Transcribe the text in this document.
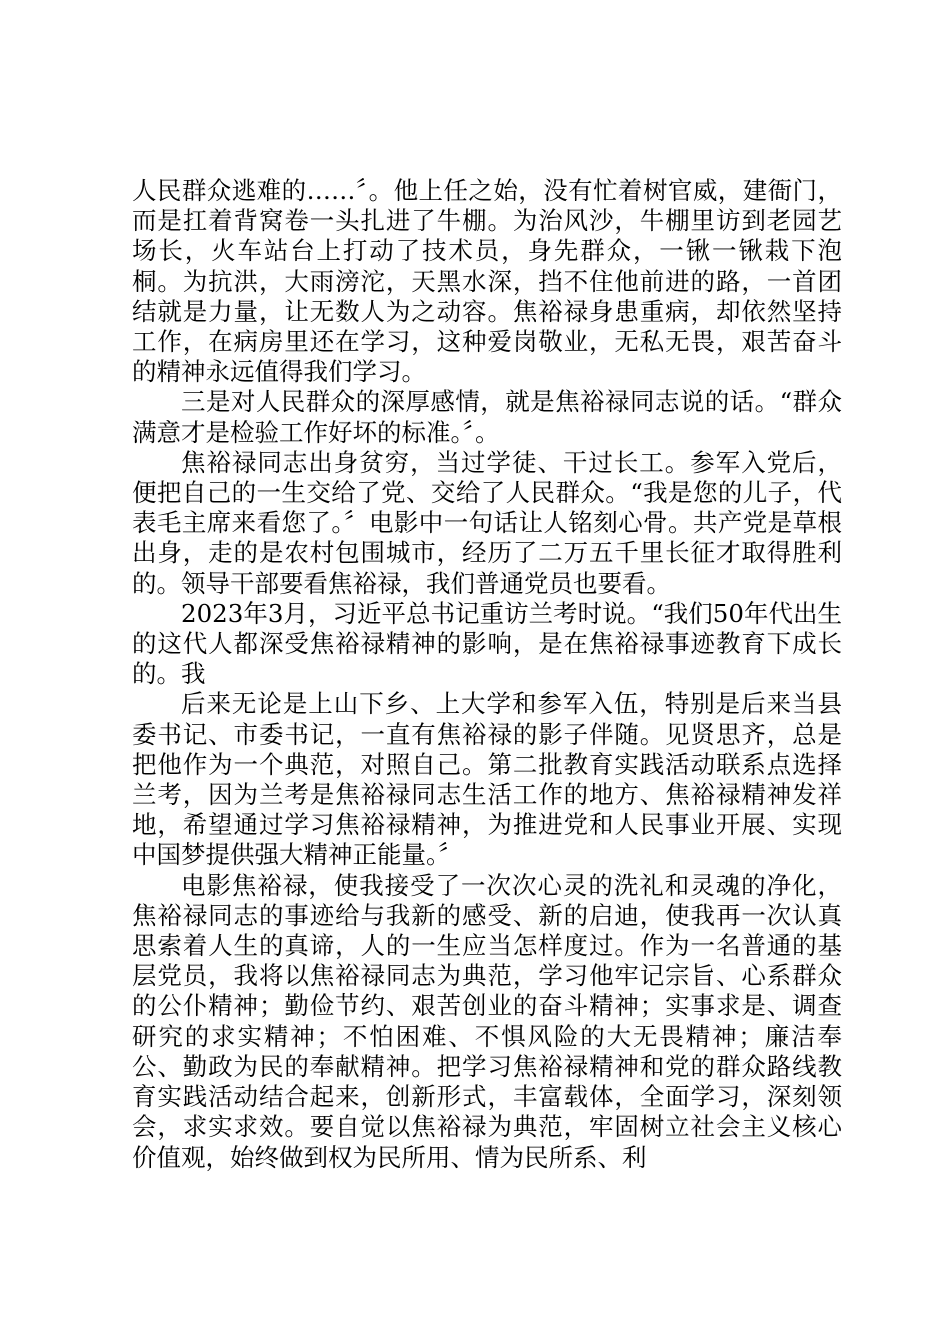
人民群众逃难的……〞。他上任之始，没有忙着树官威，建衙门，而是扛着背窝卷一头扎进了牛棚。为治风沙，牛棚里访到老园艺场长，火车站台上打动了技术员，身先群众，一锹一锹栽下泡桐。为抗洪，大雨滂沱，天黑水深，挡不住他前进的路，一首团结就是力量，让无数人为之动容。焦裕禄身患重病，却依然坚持工作，在病房里还在学习，这种爱岗敬业，无私无畏，艰苦奋斗的精神永远值得我们学习。

三是对人民群众的深厚感情，就是焦裕禄同志说的话。“群众满意才是检验工作好坏的标准。〞。

焦裕禄同志出身贫穷，当过学徒、干过长工。参军入党后，便把自己的一生交给了党、交给了人民群众。“我是您的儿子，代表毛主席来看您了。〞电影中一句话让人铭刻心骨。共产党是草根出身，走的是农村包围城市，经历了二万五千里长征才取得胜利的。领导干部要看焦裕禄，我们普通党员也要看。

2023年3月，习近平总书记重访兰考时说。“我们50年代出生的这代人都深受焦裕禄精神的影响，是在焦裕禄事迹教育下成长的。我

后来无论是上山下乡、上大学和参军入伍，特别是后来当县委书记、市委书记，一直有焦裕禄的影子伴随。见贤思齐，总是把他作为一个典范，对照自己。第二批教育实践活动联系点选择兰考，因为兰考是焦裕禄同志生活工作的地方、焦裕禄精神发祥地，希望通过学习焦裕禄精神，为推进党和人民事业开展、实现中国梦提供强大精神正能量。〞

电影焦裕禄，使我接受了一次次心灵的洗礼和灵魂的净化，焦裕禄同志的事迹给与我新的感受、新的启迪，使我再一次认真思索着人生的真谛，人的一生应当怎样度过。作为一名普通的基层党员，我将以焦裕禄同志为典范，学习他牢记宗旨、心系群众的公仆精神；勤俭节约、艰苦创业的奋斗精神；实事求是、调查研究的求实精神；不怕困难、不惧风险的大无畏精神；廉洁奉公、勤政为民的奉献精神。把学习焦裕禄精神和党的群众路线教育实践活动结合起来，创新形式，丰富载体，全面学习，深刻领会，求实求效。要自觉以焦裕禄为典范，牢固树立社会主义核心价值观，始终做到权为民所用、情为民所系、利
